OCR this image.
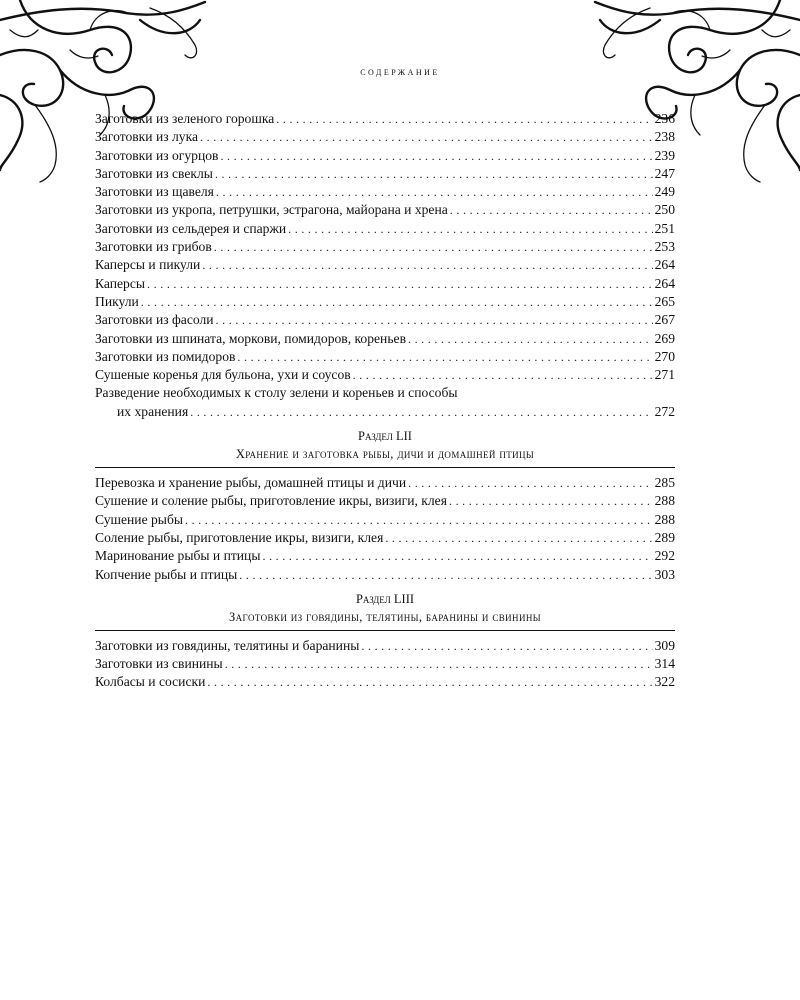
содержание
Заготовки из зеленого горошка . . .	236
Заготовки из лука . . .	238
Заготовки из огурцов . . .	239
Заготовки из свеклы . . .	247
Заготовки из щавеля . . .	249
Заготовки из укропа, петрушки, эстрагона, майорана и хрена . . .	250
Заготовки из сельдерея и спаржи . . .	251
Заготовки из грибов . . .	253
Каперсы и пикули . . .	264
Каперсы . . .	264
Пикули . . .	265
Заготовки из фасоли . . .	267
Заготовки из шпината, моркови, помидоров, кореньев . . .	269
Заготовки из помидоров . . .	270
Сушеные коренья для бульона, ухи и соусов . . .	271
Разведение необходимых к столу зелени и кореньев и способы
их хранения . . .	272
Раздел LII
Хранение и заготовка рыбы, дичи и домашней птицы
Перевозка и хранение рыбы, домашней птицы и дичи . . .	285
Сушение и соление рыбы, приготовление икры, визиги, клея . . .	288
Сушение рыбы . . .	288
Соление рыбы, приготовление икры, визиги, клея . . .	289
Маринование рыбы и птицы . . .	292
Копчение рыбы и птицы . . .	303
Раздел LIII
Заготовки из говядины, телятины, баранины и свинины
Заготовки из говядины, телятины и баранины . . .	309
Заготовки из свинины . . .	314
Колбасы и сосиски . . .	322
